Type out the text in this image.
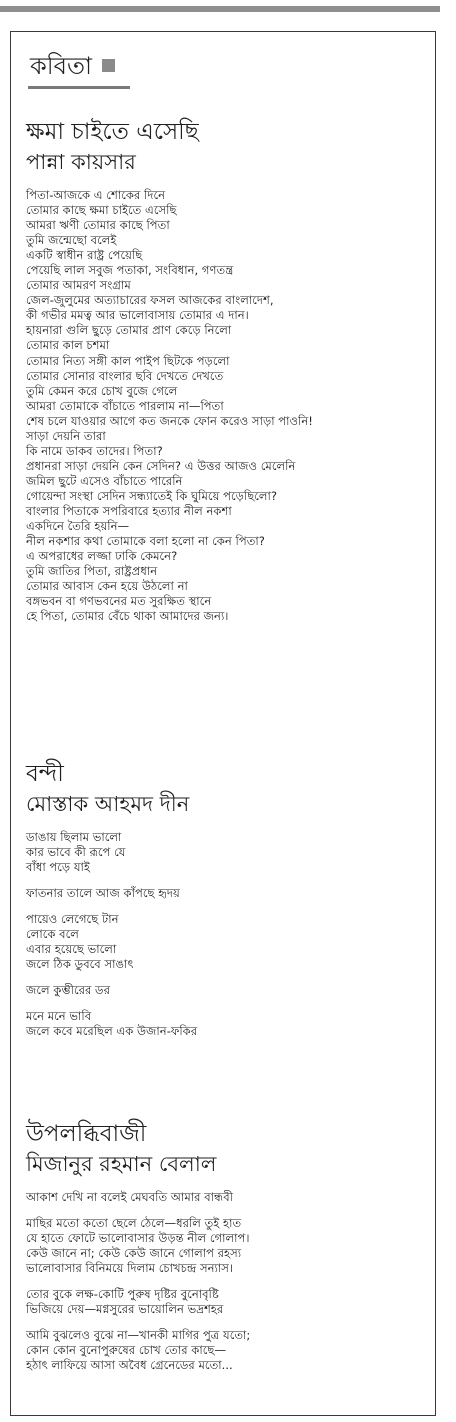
কবিতা
ক্ষমা চাইতে এসেছি
পান্না কায়সার
পিতা-আজকে এ শোকের দিনে
তোমার কাছে ক্ষমা চাইতে এসেছি
আমরা ঋণী তোমার কাছে পিতা
তুমি জন্মেছো বলেই
একটি স্বাধীন রাষ্ট্র পেয়েছি
পেয়েছি লাল সবুজ পতাকা, সংবিধান, গণতন্ত্র
তোমার আমরণ সংগ্রাম
জেল-জুলুমের অত্যাচারের ফসল আজকের বাংলাদেশ,
কী গভীর মমত্ব আর ভালোবাসায় তোমার এ দান।
হায়নারা গুলি ছুড়ে তোমার প্রাণ কেড়ে নিলো
তোমার কাল চশমা
তোমার নিত্য সঙ্গী কাল পাইপ ছিটকে পড়লো
তোমার সোনার বাংলার ছবি দেখতে দেখতে
তুমি কেমন করে চোখ বুজে গেলে
আমরা তোমাকে বাঁচাতে পারলাম না—পিতা
শেষ চলে যাওয়ার আগে কত জনকে ফোন করেও সাড়া পাওনি!
সাড়া দেয়নি তারা
কি নামে ডাকব তাদের। পিতা?
প্রধানরা সাড়া দেয়নি কেন সেদিন? এ উত্তর আজও মেলেনি
জমিল ছুটে এসেও বাঁচাতে পারেনি
গোয়েন্দা সংস্থা সেদিন সন্ধ্যাতেই কি ঘুমিয়ে পড়েছিলো?
বাংলার পিতাকে সপরিবারে হত্যার নীল নকশা
একদিনে তৈরি হয়নি—
নীল নকশার কথা তোমাকে বলা হলো না কেন পিতা?
এ অপরাধের লজ্জা ঢাকি কেমনে?
তুমি জাতির পিতা, রাষ্ট্রপ্রধান
তোমার আবাস কেন হয়ে উঠলো না
বঙ্গভবন বা গণভবনের মত সুরক্ষিত স্থানে
হে পিতা, তোমার বেঁচে থাকা আমাদের জন্য।
বন্দী
মোস্তাক আহমদ দীন
ডাঙায় ছিলাম ভালো
কার ভাবে কী রূপে যে
বাঁধা পড়ে যাই
ফাতনার তালে আজ কাঁপছে হৃদয়
পায়েও লেগেছে টান
লোকে বলে
এবার হয়েছে ভালো
জলে ঠিক ডুববে সাঙাৎ
জলে কুম্ভীরের ডর
মনে মনে ভাবি
জলে কবে মরেছিল এক উজান-ফকির
উপলব্ধিবাজী
মিজানুর রহমান বেলাল
আকাশ দেখি না বলেই মেঘবতি আমার বান্ধবী
মাছির মতো কতো ছেলে ঠেলে—ধরলি তুই হাত
যে হাতে ফোটে ভালোবাসার উড়ন্ত নীল গোলাপ।
কেউ জানে না; কেউ কেউ জানে গোলাপ রহস্য
ভালোবাসার বিনিময়ে দিলাম চোখচন্দ্র সন্যাস।
তোর বুকে লক্ষ-কোটি পুরুষ দৃষ্টির বুনোবৃষ্টি
ভিজিয়ে দেয়—মগ্নসুরের ভায়োলিন ভদ্রশহর
আমি বুঝলেও বুঝে না—খানকী মাগির পুত্র যতো;
কোন কোন বুনোপুরুষের চোখ তোর কাছে—
হঠাৎ লাফিয়ে আসা অবৈধ গ্রেনেডের মতো...
